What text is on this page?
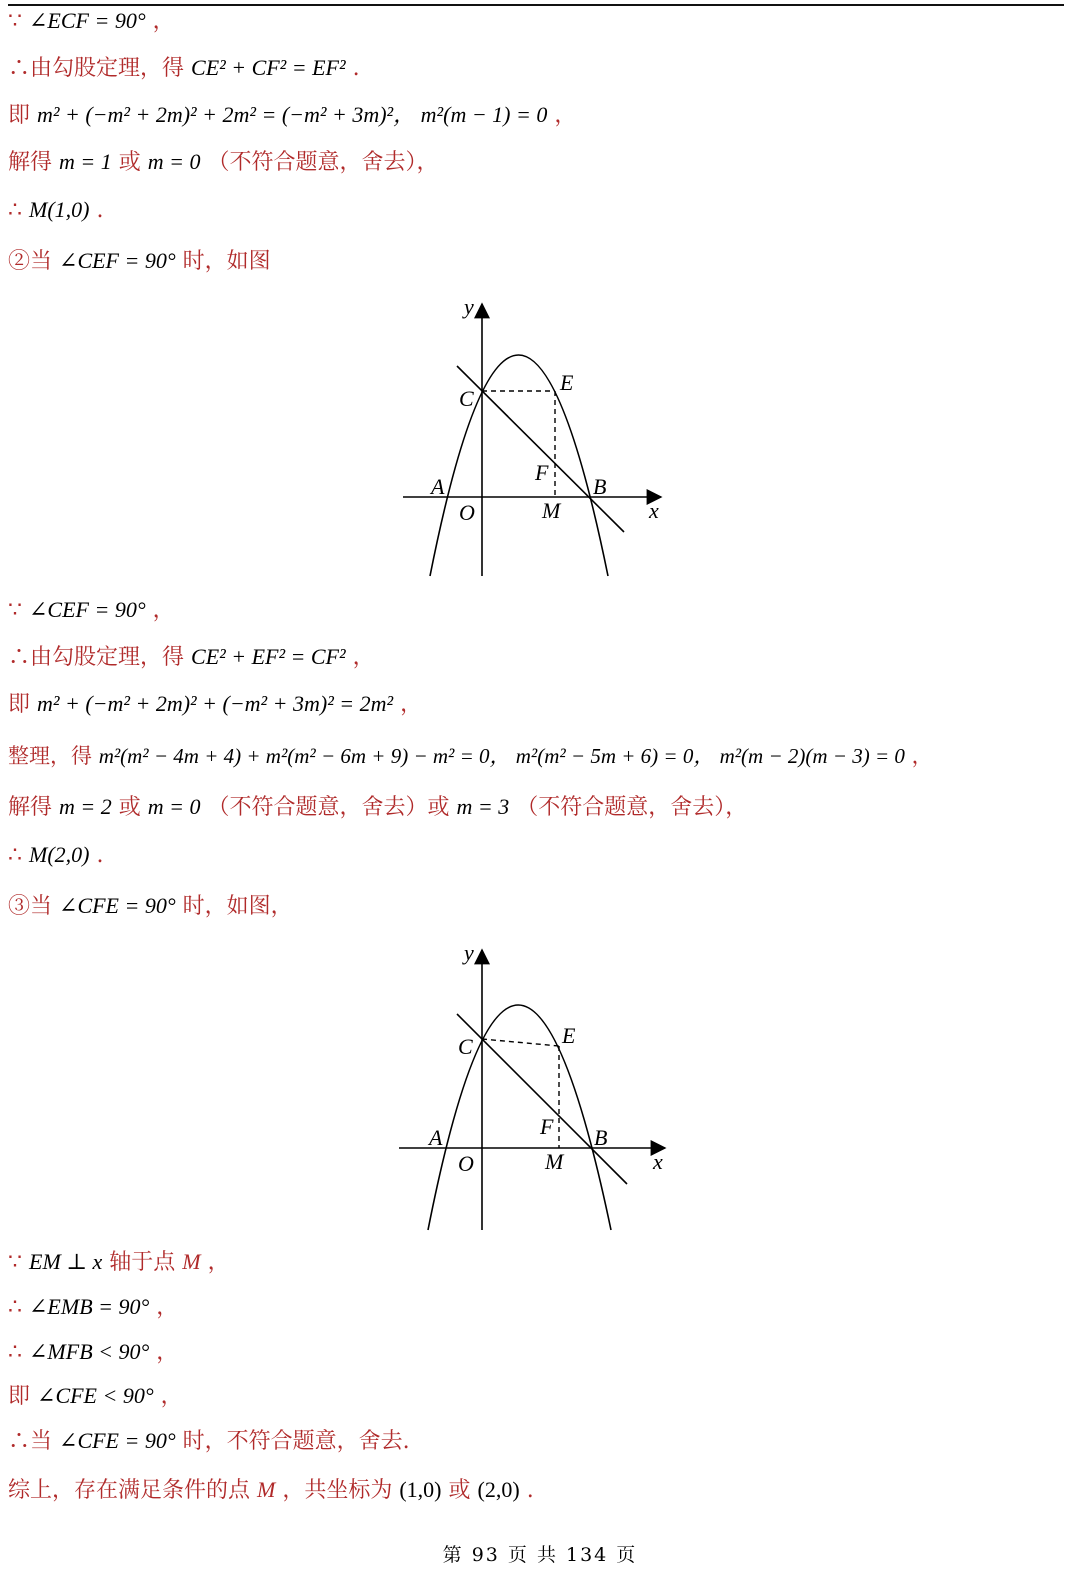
∵ ∠ECF = 90° ，
∴由勾股定理，得 CE² + CF² = EF² .
即 m² + (−m² + 2m)² + 2m² = (−m² + 3m)²， m²(m − 1) = 0 ，
解得 m = 1 或 m = 0 （不符合题意，舍去），
∴ M(1,0) .
②当 ∠CEF = 90° 时，如图
y
C
E
F
A	B
O	M	x
∵ ∠CEF = 90° ，
∴由勾股定理，得 CE² + EF² = CF² ，
即 m² + (−m² + 2m)² + (−m² + 3m)² = 2m² ，
整理，得 m²(m² − 4m + 4) + m²(m² − 6m + 9) − m² = 0， m²(m² − 5m + 6) = 0， m²(m − 2)(m − 3) = 0 ，
解得 m = 2 或 m = 0 （不符合题意，舍去）或 m = 3 （不符合题意，舍去），
∴ M(2,0) .
③当 ∠CFE = 90° 时，如图，
y
C	E
F
A	B
O	M	x
∵ EM ⊥ x 轴于点 M ，
∴ ∠EMB = 90° ，
∴ ∠MFB < 90° ，
即 ∠CFE < 90° ，
∴当 ∠CFE = 90° 时，不符合题意，舍去.
综上，存在满足条件的点 M ，共坐标为 (1,0) 或 (2,0) .
第 93 页 共 134 页
